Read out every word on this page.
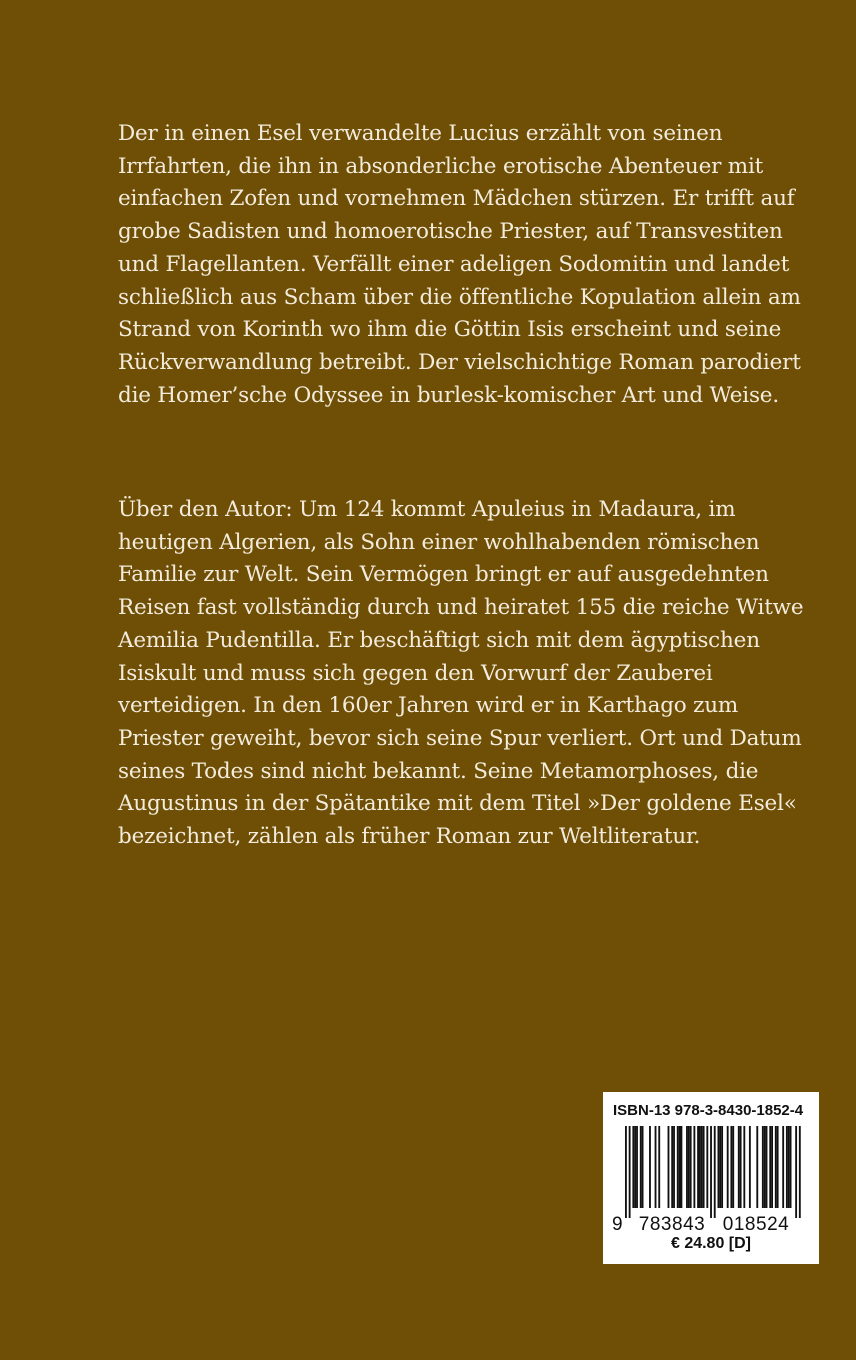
Der in einen Esel verwandelte Lucius erzählt von seinen
Irrfahrten, die ihn in absonderliche erotische Abenteuer mit
einfachen Zofen und vornehmen Mädchen stürzen. Er trifft auf
grobe Sadisten und homoerotische Priester, auf Transvestiten
und Flagellanten. Verfällt einer adeligen Sodomitin und landet
schließlich aus Scham über die öffentliche Kopulation allein am
Strand von Korinth wo ihm die Göttin Isis erscheint und seine
Rückverwandlung betreibt. Der vielschichtige Roman parodiert
die Homer’sche Odyssee in burlesk-komischer Art und Weise.

Über den Autor: Um 124 kommt Apuleius in Madaura, im
heutigen Algerien, als Sohn einer wohlhabenden römischen
Familie zur Welt. Sein Vermögen bringt er auf ausgedehnten
Reisen fast vollständig durch und heiratet 155 die reiche Witwe
Aemilia Pudentilla. Er beschäftigt sich mit dem ägyptischen
Isiskult und muss sich gegen den Vorwurf der Zauberei
verteidigen. In den 160er Jahren wird er in Karthago zum
Priester geweiht, bevor sich seine Spur verliert. Ort und Datum
seines Todes sind nicht bekannt. Seine Metamorphoses, die
Augustinus in der Spätantike mit dem Titel »Der goldene Esel«
bezeichnet, zählen als früher Roman zur Weltliteratur.

ISBN-13 978-3-8430-1852-4
9 783843 018524
€ 24.80 [D]
